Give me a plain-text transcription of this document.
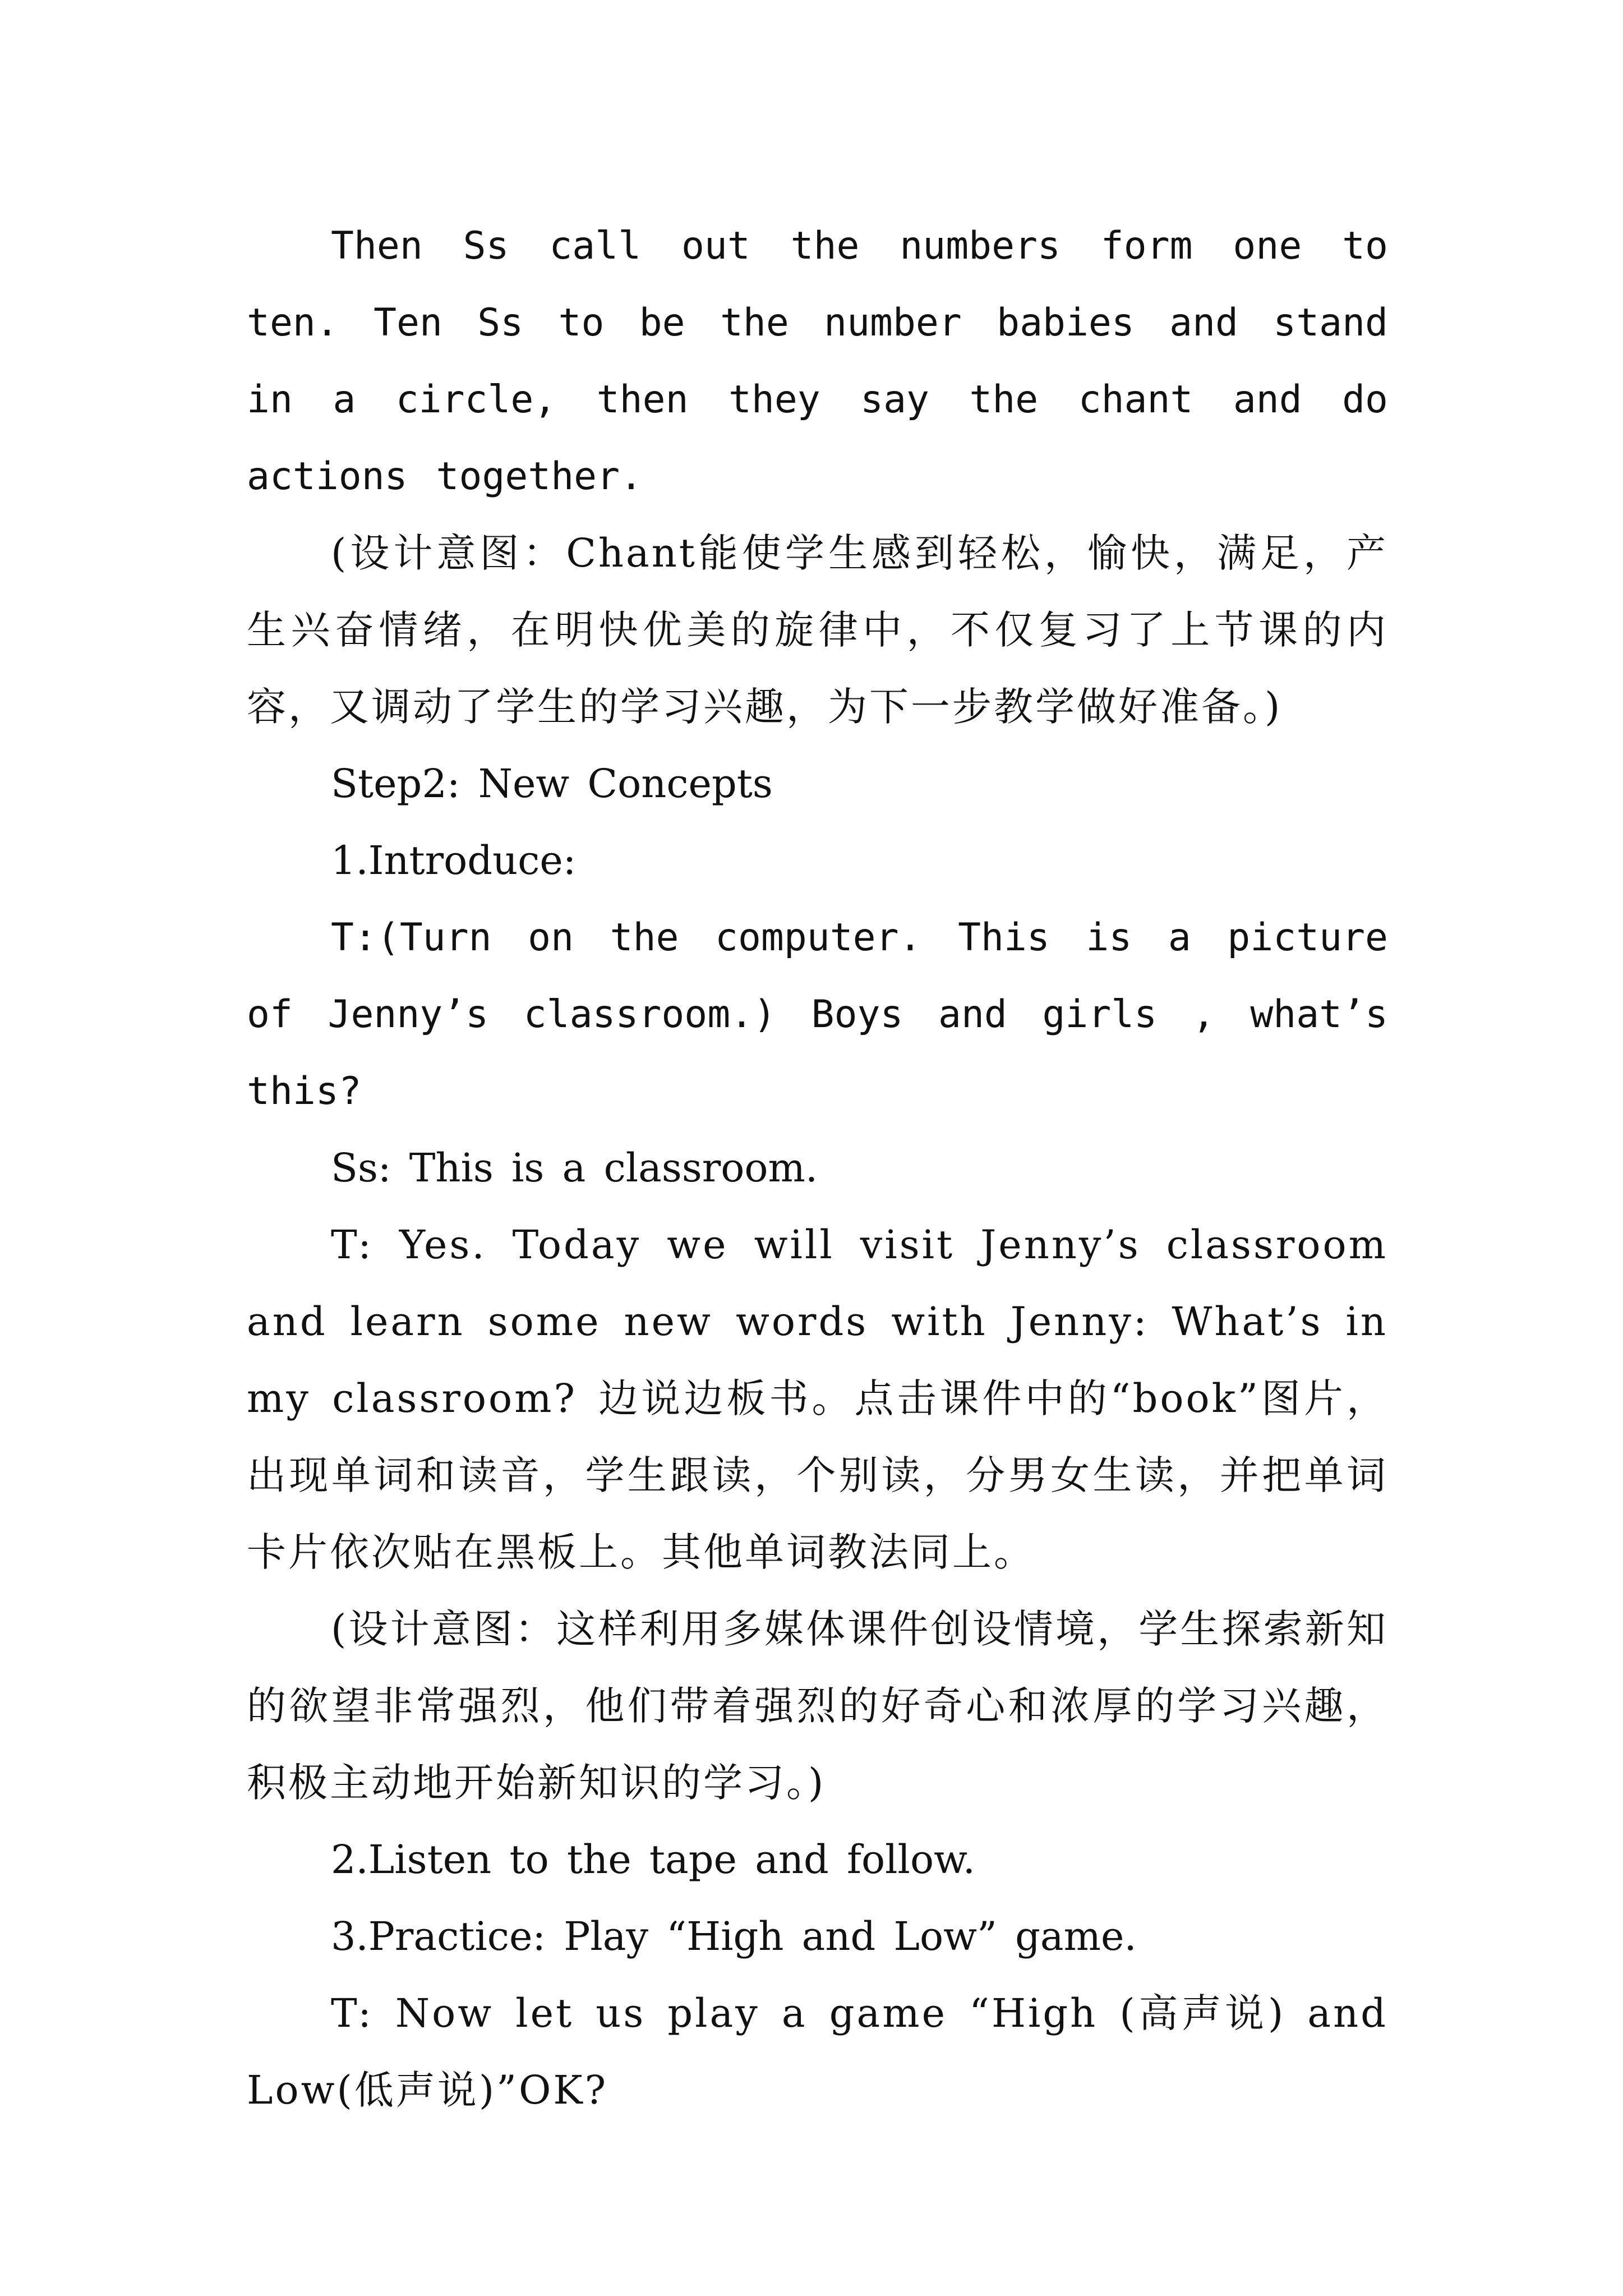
Then Ss call out the numbers form one to ten. Ten Ss to be the number babies and stand in a circle, then they say the chant and do actions together.

(设计意图：Chant能使学生感到轻松，愉快，满足，产生兴奋情绪，在明快优美的旋律中，不仅复习了上节课的内容，又调动了学生的学习兴趣，为下一步教学做好准备。)

Step2: New Concepts

1.Introduce:

T:(Turn on the computer. This is a picture of Jenny’s classroom.) Boys and girls , what’s this?

Ss: This is a classroom.

T: Yes. Today we will visit Jenny’s classroom and learn some new words with Jenny: What’s in my classroom? 边说边板书。点击课件中的“book”图片，出现单词和读音，学生跟读，个别读，分男女生读，并把单词卡片依次贴在黑板上。其他单词教法同上。

(设计意图：这样利用多媒体课件创设情境，学生探索新知的欲望非常强烈，他们带着强烈的好奇心和浓厚的学习兴趣，积极主动地开始新知识的学习。)

2.Listen to the tape and follow.

3.Practice: Play “High and Low” game.

T: Now let us play a game “High (高声说) and Low(低声说)”OK?
